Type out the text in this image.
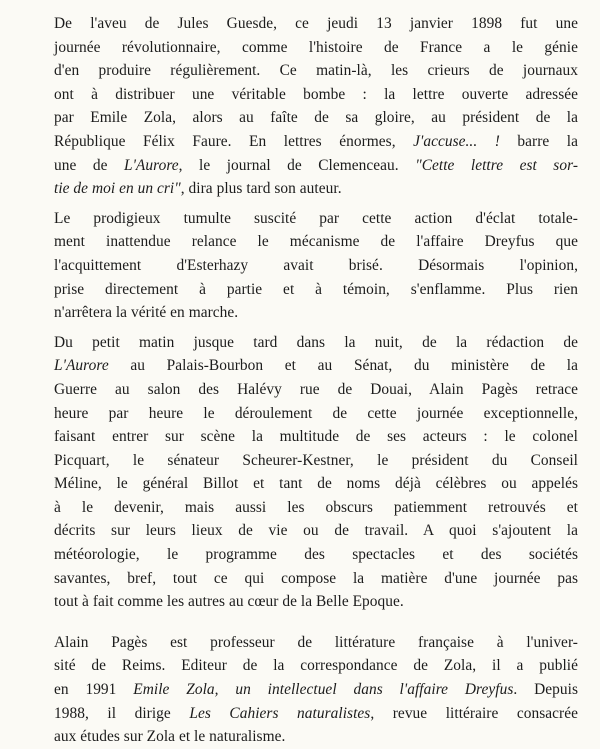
De l'aveu de Jules Guesde, ce jeudi 13 janvier 1898 fut une
journée révolutionnaire, comme l'histoire de France a le génie
d'en produire régulièrement. Ce matin-là, les crieurs de journaux
ont à distribuer une véritable bombe : la lettre ouverte adressée
par Emile Zola, alors au faîte de sa gloire, au président de la
République Félix Faure. En lettres énormes, J'accuse... ! barre la
une de L'Aurore, le journal de Clemenceau. "Cette lettre est sor-
tie de moi en un cri", dira plus tard son auteur.

Le prodigieux tumulte suscité par cette action d'éclat totale-
ment inattendue relance le mécanisme de l'affaire Dreyfus que
l'acquittement d'Esterhazy avait brisé. Désormais l'opinion,
prise directement à partie et à témoin, s'enflamme. Plus rien
n'arrêtera la vérité en marche.

Du petit matin jusque tard dans la nuit, de la rédaction de
L'Aurore au Palais-Bourbon et au Sénat, du ministère de la
Guerre au salon des Halévy rue de Douai, Alain Pagès retrace
heure par heure le déroulement de cette journée exceptionnelle,
faisant entrer sur scène la multitude de ses acteurs : le colonel
Picquart, le sénateur Scheurer-Kestner, le président du Conseil
Méline, le général Billot et tant de noms déjà célèbres ou appelés
à le devenir, mais aussi les obscurs patiemment retrouvés et
décrits sur leurs lieux de vie ou de travail. A quoi s'ajoutent la
météorologie, le programme des spectacles et des sociétés
savantes, bref, tout ce qui compose la matière d'une journée pas
tout à fait comme les autres au cœur de la Belle Epoque.

Alain Pagès est professeur de littérature française à l'univer-
sité de Reims. Editeur de la correspondance de Zola, il a publié
en 1991 Emile Zola, un intellectuel dans l'affaire Dreyfus. Depuis
1988, il dirige Les Cahiers naturalistes, revue littéraire consacrée
aux études sur Zola et le naturalisme.
